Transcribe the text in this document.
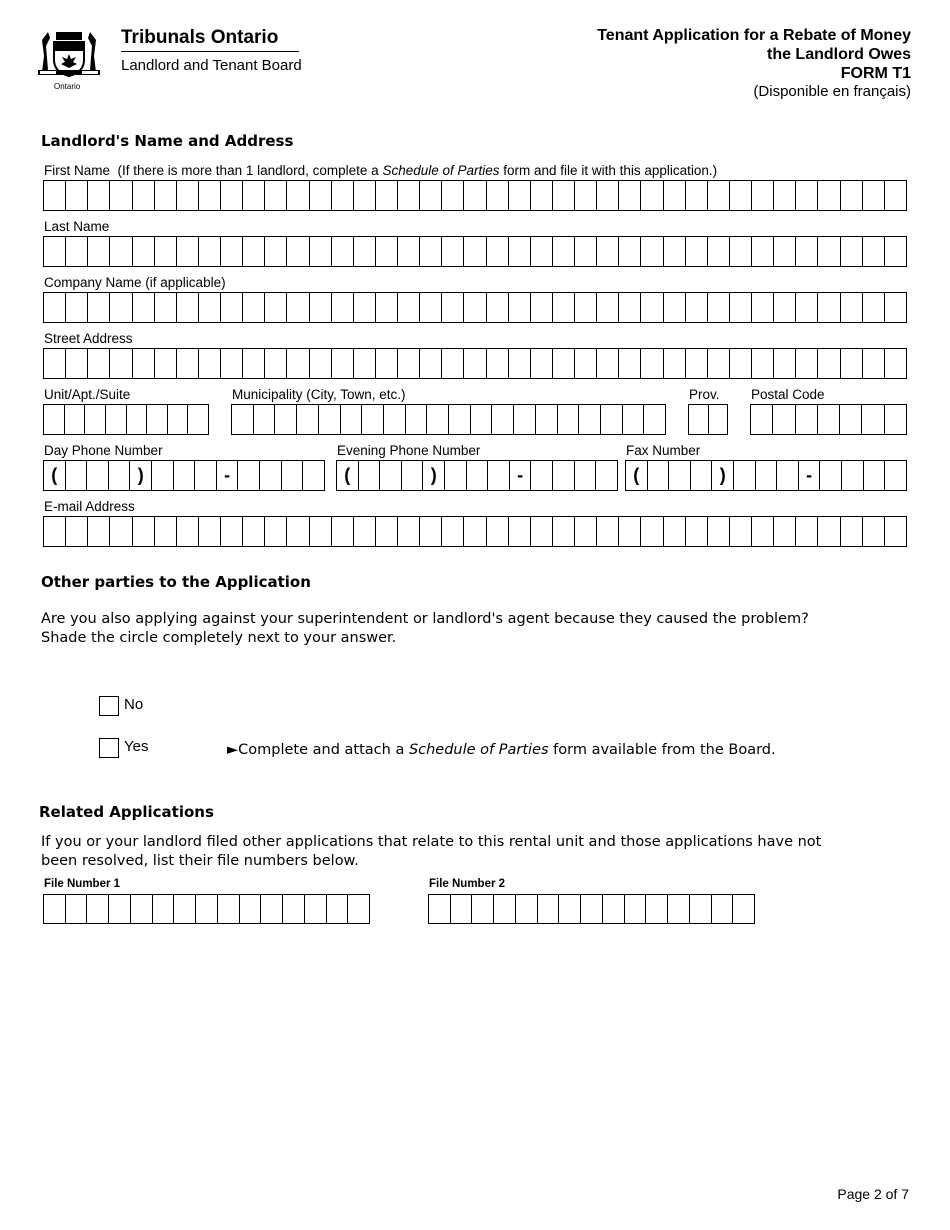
Ontario
Tribunals Ontario
Landlord and Tenant Board
Tenant Application for a Rebate of Money
the Landlord Owes
FORM T1
(Disponible en français)
Landlord's Name and Address
First Name (If there is more than 1 landlord, complete a Schedule of Parties form and file it with this application.)
Last Name
Company Name (if applicable)
Street Address
Unit/Apt./Suite	Municipality (City, Town, etc.)	Prov. Postal Code
Day Phone Number	Evening Phone Number	Fax Number
(	)	-	(	)	-	(	)	-
E-mail Address
Other parties to the Application
Are you also applying against your superintendent or landlord's agent because they caused the problem?
Shade the circle completely next to your answer.
No
Yes	►Complete and attach a Schedule of Parties form available from the Board.
Related Applications
If you or your landlord filed other applications that relate to this rental unit and those applications have not
been resolved, list their file numbers below.
File Number 1	File Number 2
Page 2 of 7
